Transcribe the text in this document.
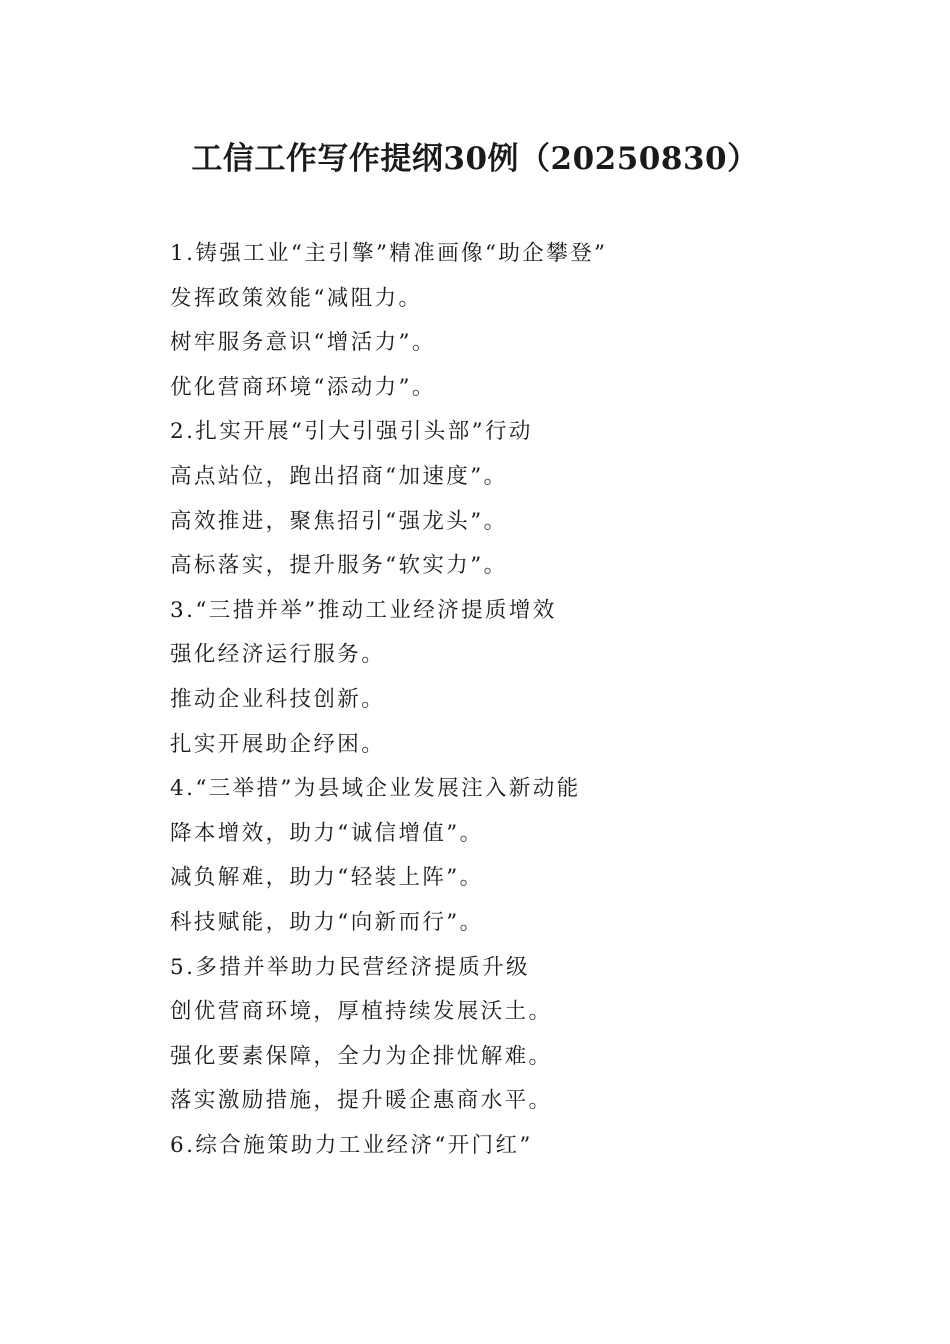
工信工作写作提纲30例（20250830）
1.铸强工业“主引擎”精准画像“助企攀登”
发挥政策效能“减阻力。
树牢服务意识“增活力”。
优化营商环境“添动力”。
2.扎实开展“引大引强引头部”行动
高点站位，跑出招商“加速度”。
高效推进，聚焦招引“强龙头”。
高标落实，提升服务“软实力”。
3.“三措并举”推动工业经济提质增效
强化经济运行服务。
推动企业科技创新。
扎实开展助企纾困。
4.“三举措”为县域企业发展注入新动能
降本增效，助力“诚信增值”。
减负解难，助力“轻装上阵”。
科技赋能，助力“向新而行”。
5.多措并举助力民营经济提质升级
创优营商环境，厚植持续发展沃土。
强化要素保障，全力为企排忧解难。
落实激励措施，提升暖企惠商水平。
6.综合施策助力工业经济“开门红”
